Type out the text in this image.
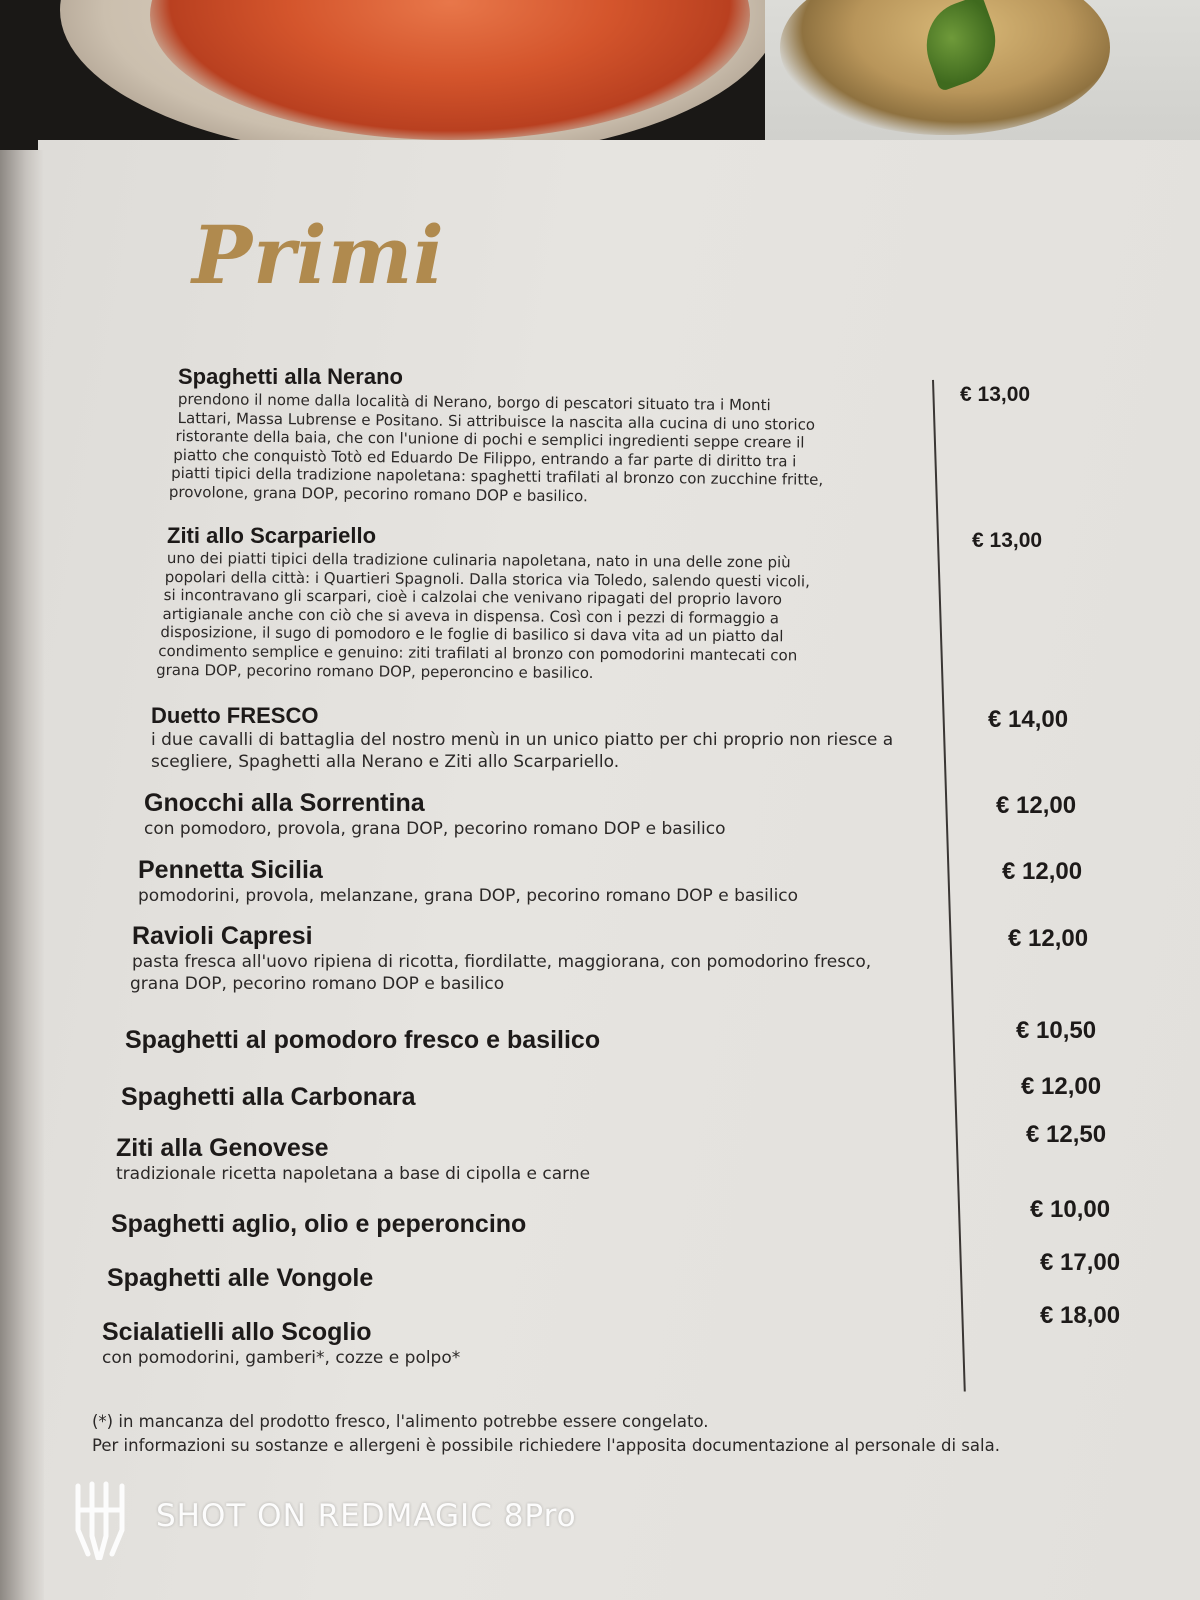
Primi
Spaghetti alla Nerano
prendono il nome dalla località di Nerano, borgo di pescatori situato tra i Monti
Lattari, Massa Lubrense e Positano. Si attribuisce la nascita alla cucina di uno storico
ristorante della baia, che con l'unione di pochi e semplici ingredienti seppe creare il
piatto che conquistò Totò ed Eduardo De Filippo, entrando a far parte di diritto tra i
piatti tipici della tradizione napoletana: spaghetti trafilati al bronzo con zucchine fritte,
provolone, grana DOP, pecorino romano DOP e basilico.
€ 13,00
Ziti allo Scarpariello
uno dei piatti tipici della tradizione culinaria napoletana, nato in una delle zone più
popolari della città: i Quartieri Spagnoli. Dalla storica via Toledo, salendo questi vicoli,
si incontravano gli scarpari, cioè i calzolai che venivano ripagati del proprio lavoro
artigianale anche con ciò che si aveva in dispensa. Così con i pezzi di formaggio a
disposizione, il sugo di pomodoro e le foglie di basilico si dava vita ad un piatto dal
condimento semplice e genuino: ziti trafilati al bronzo con pomodorini mantecati con
grana DOP, pecorino romano DOP, peperoncino e basilico.
€ 13,00
Duetto FRESCO
i due cavalli di battaglia del nostro menù in un unico piatto per chi proprio non riesce a
scegliere, Spaghetti alla Nerano e Ziti allo Scarpariello.
€ 14,00
Gnocchi alla Sorrentina
con pomodoro, provola, grana DOP, pecorino romano DOP e basilico
€ 12,00
Pennetta Sicilia
pomodorini, provola, melanzane, grana DOP, pecorino romano DOP e basilico
€ 12,00
Ravioli Capresi
pasta fresca all'uovo ripiena di ricotta, fiordilatte, maggiorana, con pomodorino fresco,
grana DOP, pecorino romano DOP e basilico
€ 12,00
Spaghetti al pomodoro fresco e basilico	€ 10,50
Spaghetti alla Carbonara	€ 12,00
Ziti alla Genovese
tradizionale ricetta napoletana a base di cipolla e carne
€ 12,50
Spaghetti aglio, olio e peperoncino
€ 10,00
Spaghetti alle Vongole
€ 17,00
Scialatielli allo Scoglio
con pomodorini, gamberi*, cozze e polpo*
€ 18,00

(*) in mancanza del prodotto fresco, l'alimento potrebbe essere congelato.
Per informazioni su sostanze e allergeni è possibile richiedere l'apposita documentazione al personale di sala.

SHOT ON REDMAGIC 8Pro
